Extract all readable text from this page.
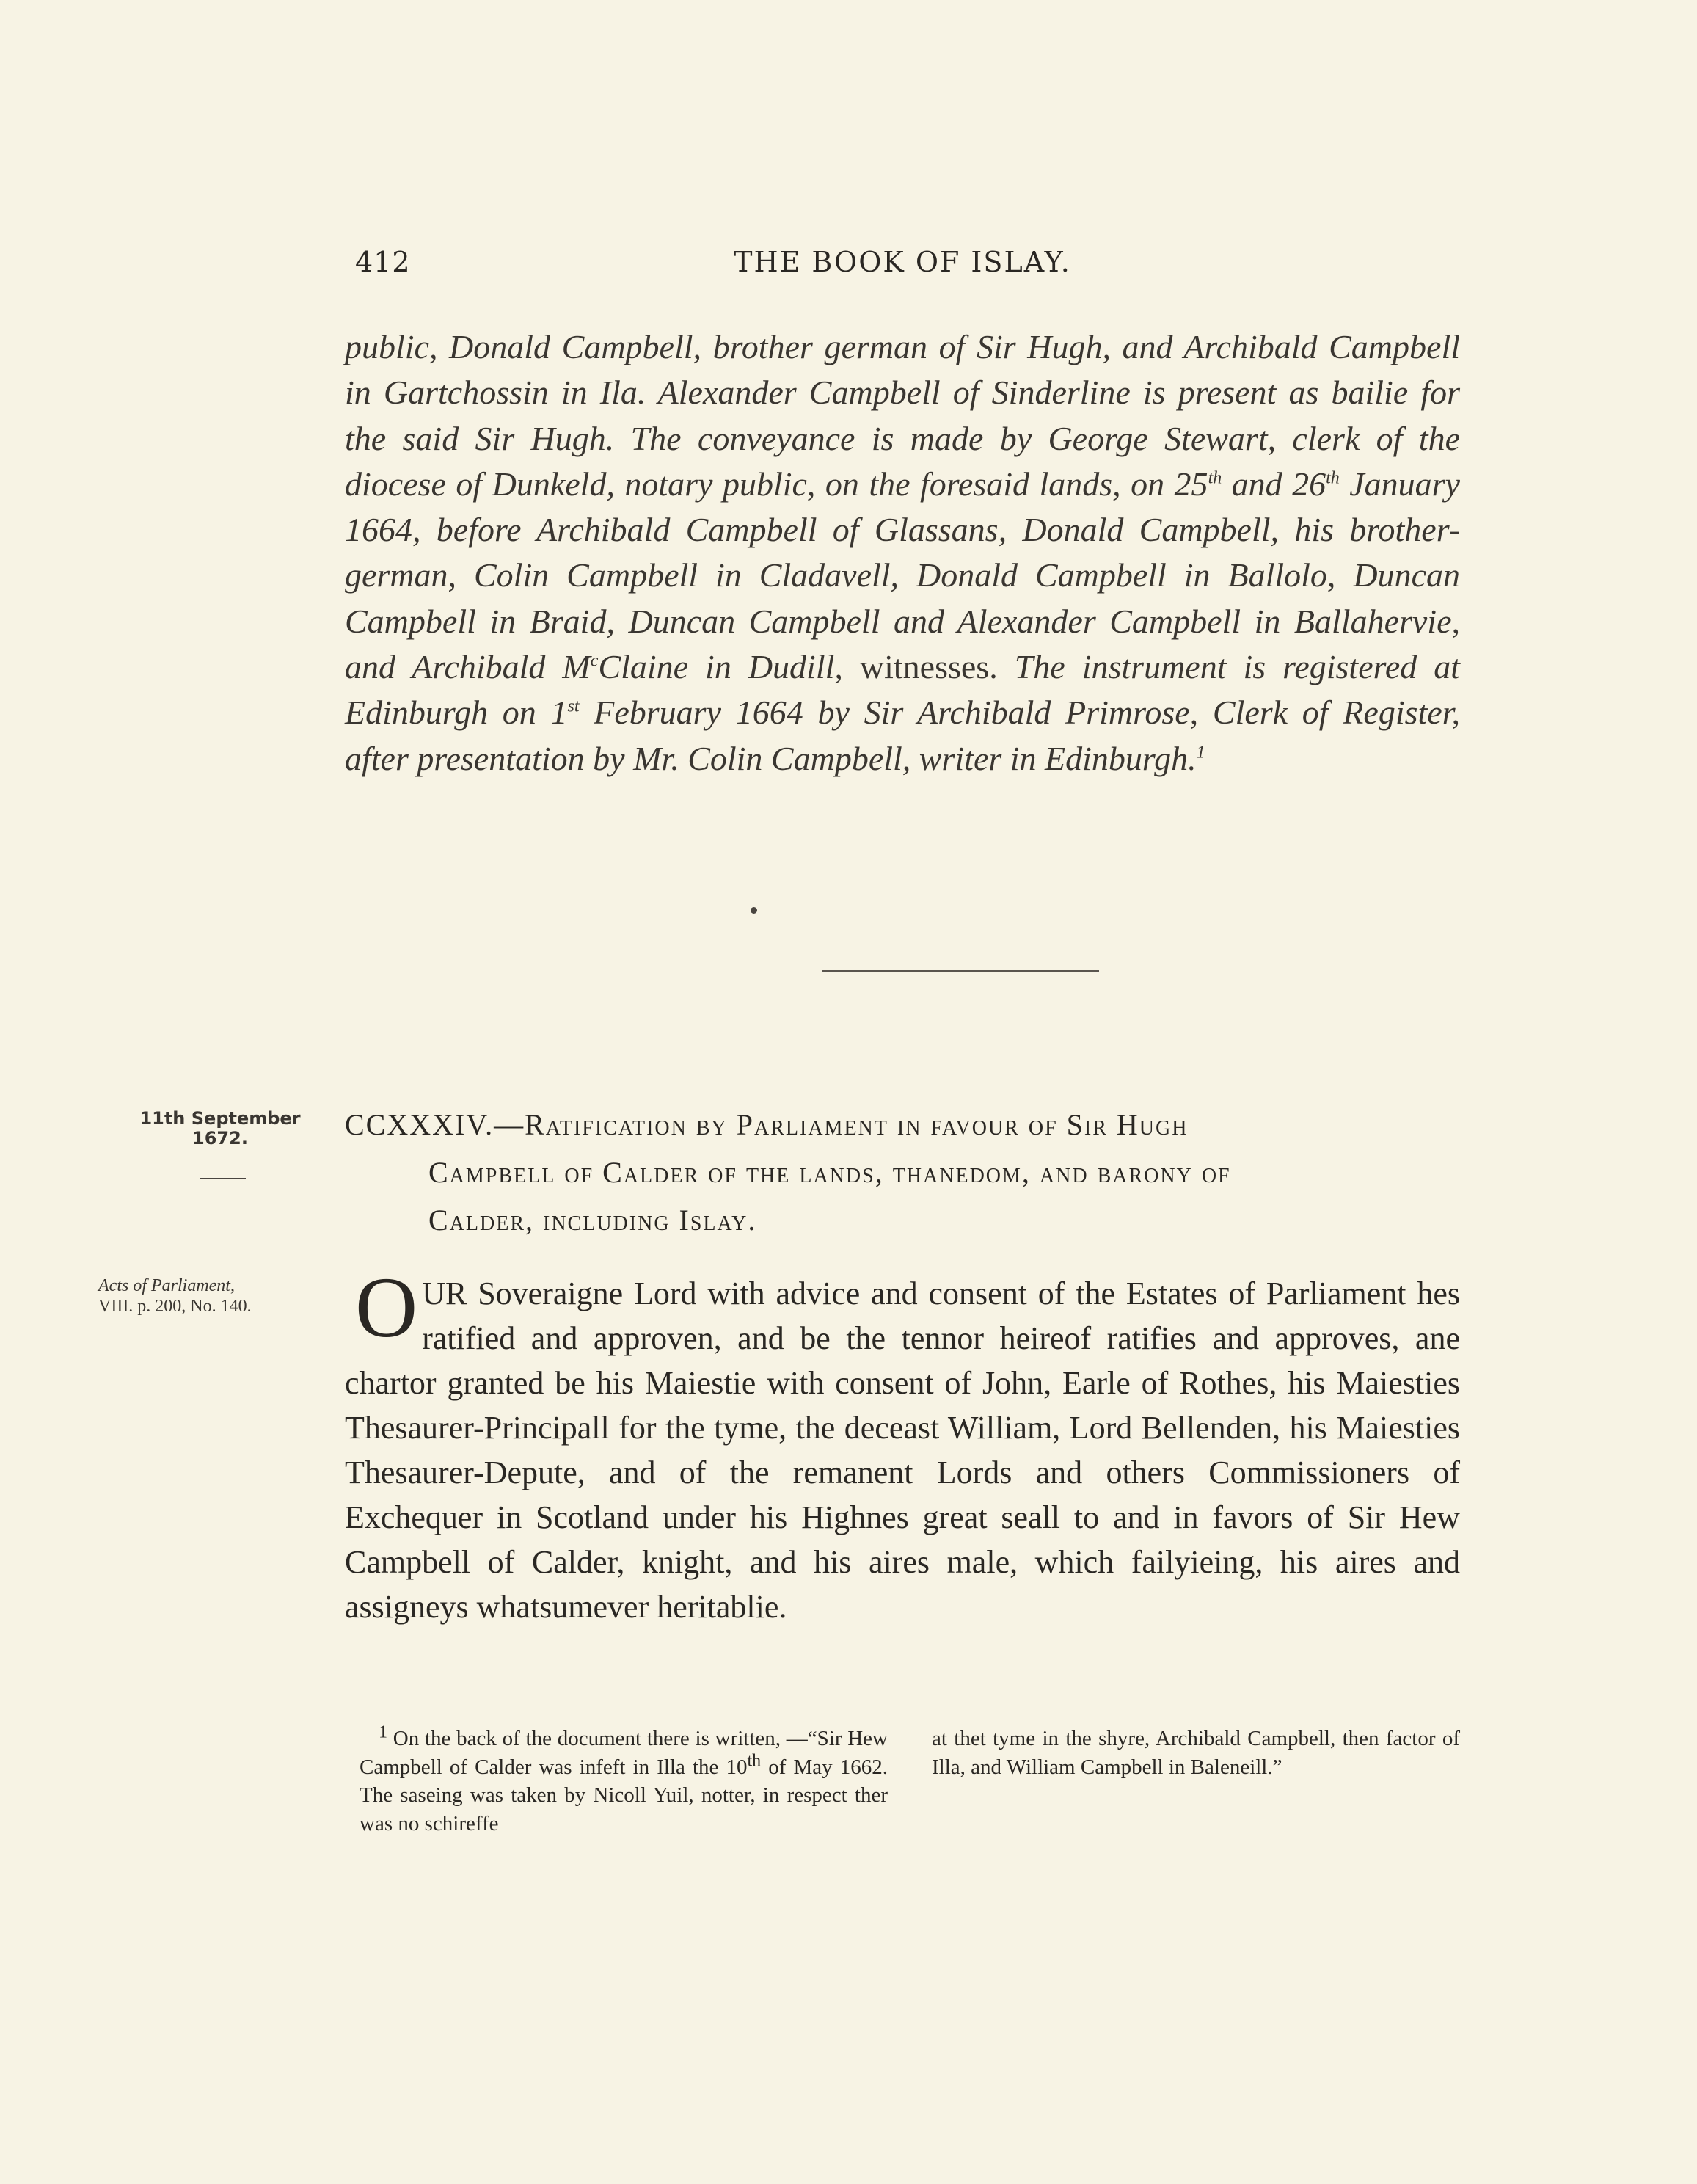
412	THE BOOK OF ISLAY.

public, Donald Campbell, brother german of Sir Hugh, and Archibald Campbell in Gartchossin in Ila. Alexander Campbell of Sinderline is present as bailie for the said Sir Hugh. The conveyance is made by George Stewart, clerk of the diocese of Dunkeld, notary public, on the foresaid lands, on 25th and 26th January 1664, before Archibald Campbell of Glassans, Donald Campbell, his brother-german, Colin Campbell in Cladavell, Donald Campbell in Ballolo, Duncan Campbell in Braid, Duncan Campbell and Alexander Campbell in Ballahervie, and Archibald $M^cClaine$ in Dudill, witnesses. The instrument is registered at Edinburgh on 1st February 1664 by Sir Archibald Primrose, Clerk of Register, after presentation by Mr. Colin Campbell, writer in Edinburgh.$^1$

11th September
1672.	CCXXXIV.—Ratification by Parliament in favour of Sir Hugh
Campbell of Calder of the lands, thanedom, and barony of
Calder, including Islay.
Acts of Parliament,
VIII. p. 200, No. 140.	OUR Soveraigne Lord with advice and consent of the Estates of Parliament hes ratified and approven, and be the tennor heireof ratifies and approves, ane chartor granted be his Maiestie with consent of John, Earle of Rothes, his Maiesties Thesaurer-Principall for the tyme, the deceast William, Lord Bellenden, his Maiesties Thesaurer-Depute, and of the remanent Lords and others Commissioners of Exchequer in Scotland under his Highnes great seall to and in favors of Sir Hew Campbell of Calder, knight, and his aires male, which failyieing, his aires and assigneys whatsumever heritablie.

$^1$ On the back of the document there is written, —“Sir Hew Campbell of Calder was infeft in Illa the 10th of May 1662. The saseing was taken by Nicoll Yuil, notter, in respect ther was no schireffe
at thet tyme in the shyre, Archibald Campbell, then factor of Illa, and William Campbell in Baleneill.”
